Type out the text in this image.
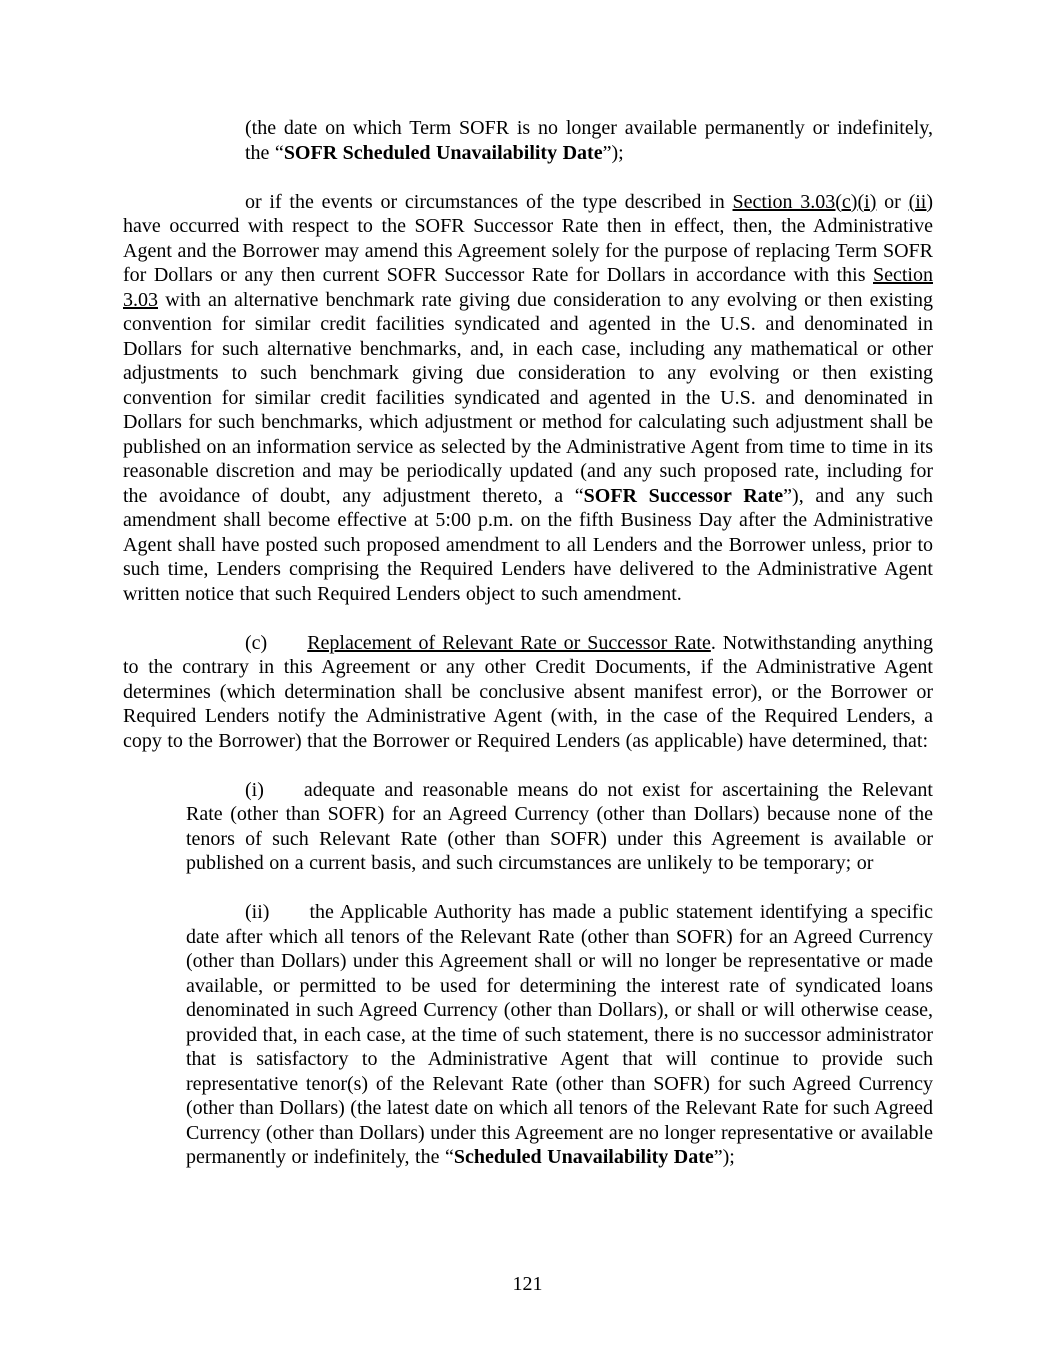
(the date on which Term SOFR is no longer available permanently or indefinitely, the “SOFR Scheduled Unavailability Date”);

or if the events or circumstances of the type described in Section 3.03(c)(i) or (ii) have occurred with respect to the SOFR Successor Rate then in effect, then, the Administrative Agent and the Borrower may amend this Agreement solely for the purpose of replacing Term SOFR for Dollars or any then current SOFR Successor Rate for Dollars in accordance with this Section 3.03 with an alternative benchmark rate giving due consideration to any evolving or then existing convention for similar credit facilities syndicated and agented in the U.S. and denominated in Dollars for such alternative benchmarks, and, in each case, including any mathematical or other adjustments to such benchmark giving due consideration to any evolving or then existing convention for similar credit facilities syndicated and agented in the U.S. and denominated in Dollars for such benchmarks, which adjustment or method for calculating such adjustment shall be published on an information service as selected by the Administrative Agent from time to time in its reasonable discretion and may be periodically updated (and any such proposed rate, including for the avoidance of doubt, any adjustment thereto, a “SOFR Successor Rate”), and any such amendment shall become effective at 5:00 p.m. on the fifth Business Day after the Administrative Agent shall have posted such proposed amendment to all Lenders and the Borrower unless, prior to such time, Lenders comprising the Required Lenders have delivered to the Administrative Agent written notice that such Required Lenders object to such amendment.

(c) Replacement of Relevant Rate or Successor Rate. Notwithstanding anything to the contrary in this Agreement or any other Credit Documents, if the Administrative Agent determines (which determination shall be conclusive absent manifest error), or the Borrower or Required Lenders notify the Administrative Agent (with, in the case of the Required Lenders, a copy to the Borrower) that the Borrower or Required Lenders (as applicable) have determined, that:

(i) adequate and reasonable means do not exist for ascertaining the Relevant Rate (other than SOFR) for an Agreed Currency (other than Dollars) because none of the tenors of such Relevant Rate (other than SOFR) under this Agreement is available or published on a current basis, and such circumstances are unlikely to be temporary; or

(ii) the Applicable Authority has made a public statement identifying a specific date after which all tenors of the Relevant Rate (other than SOFR) for an Agreed Currency (other than Dollars) under this Agreement shall or will no longer be representative or made available, or permitted to be used for determining the interest rate of syndicated loans denominated in such Agreed Currency (other than Dollars), or shall or will otherwise cease, provided that, in each case, at the time of such statement, there is no successor administrator that is satisfactory to the Administrative Agent that will continue to provide such representative tenor(s) of the Relevant Rate (other than SOFR) for such Agreed Currency (other than Dollars) (the latest date on which all tenors of the Relevant Rate for such Agreed Currency (other than Dollars) under this Agreement are no longer representative or available permanently or indefinitely, the “Scheduled Unavailability Date”);

121
